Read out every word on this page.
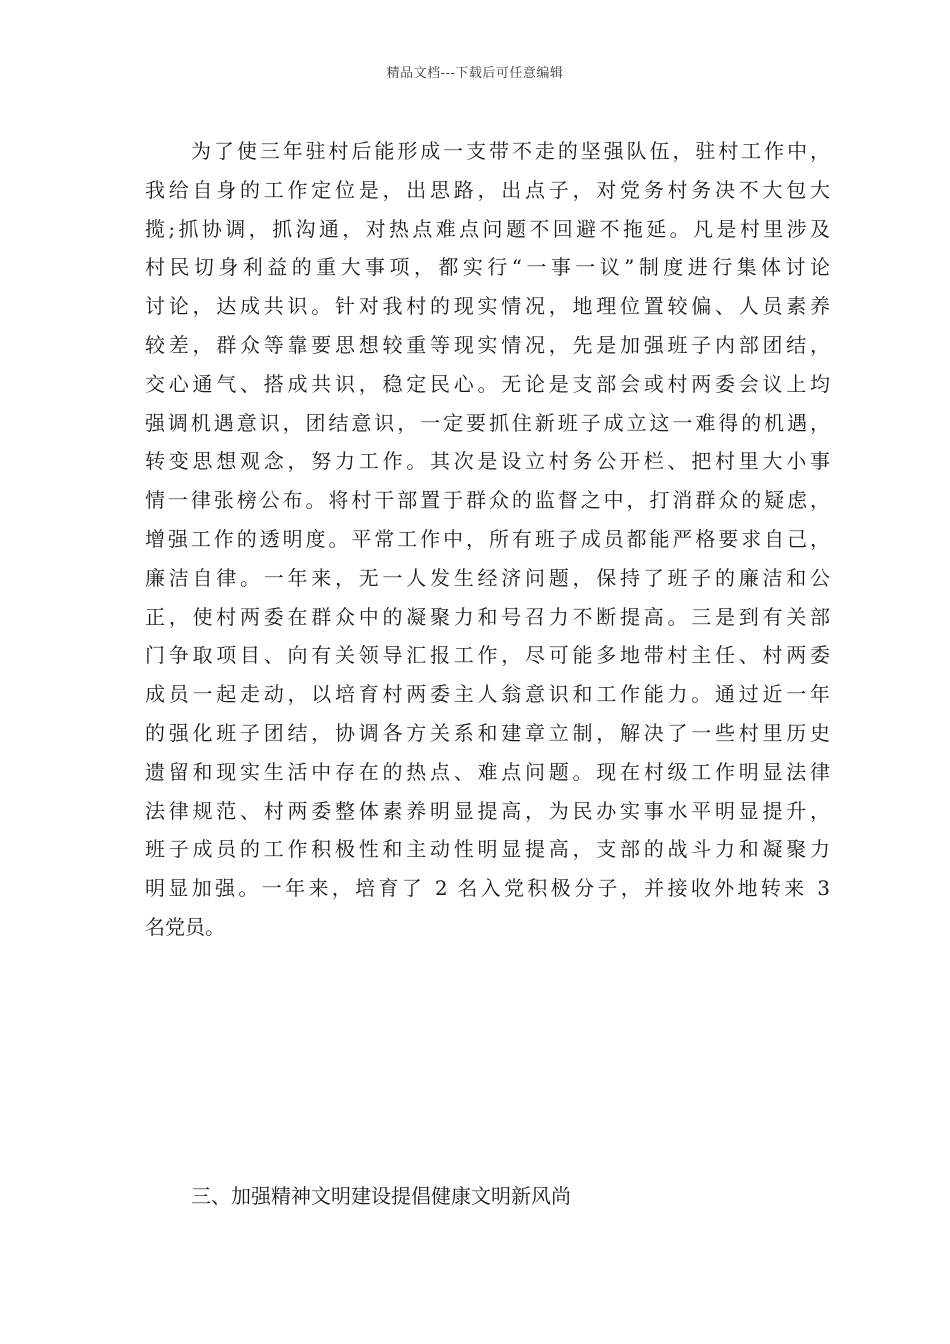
精品文档---下载后可任意编辑
为了使三年驻村后能形成一支带不走的坚强队伍，驻村工作中，
我给自身的工作定位是，出思路，出点子，对党务村务决不大包大
揽;抓协调，抓沟通，对热点难点问题不回避不拖延。凡是村里涉及
村民切身利益的重大事项，都实行“一事一议”制度进行集体讨论
讨论，达成共识。针对我村的现实情况，地理位置较偏、人员素养
较差，群众等靠要思想较重等现实情况，先是加强班子内部团结，
交心通气、搭成共识，稳定民心。无论是支部会或村两委会议上均
强调机遇意识，团结意识，一定要抓住新班子成立这一难得的机遇，
转变思想观念，努力工作。其次是设立村务公开栏、把村里大小事
情一律张榜公布。将村干部置于群众的监督之中，打消群众的疑虑，
增强工作的透明度。平常工作中，所有班子成员都能严格要求自己，
廉洁自律。一年来，无一人发生经济问题，保持了班子的廉洁和公
正，使村两委在群众中的凝聚力和号召力不断提高。三是到有关部
门争取项目、向有关领导汇报工作，尽可能多地带村主任、村两委
成员一起走动，以培育村两委主人翁意识和工作能力。通过近一年
的强化班子团结，协调各方关系和建章立制，解决了一些村里历史
遗留和现实生活中存在的热点、难点问题。现在村级工作明显法律
法律规范、村两委整体素养明显提高，为民办实事水平明显提升，
班子成员的工作积极性和主动性明显提高，支部的战斗力和凝聚力
明显加强。一年来，培育了 2 名入党积极分子，并接收外地转来 3
名党员。
三、加强精神文明建设提倡健康文明新风尚
